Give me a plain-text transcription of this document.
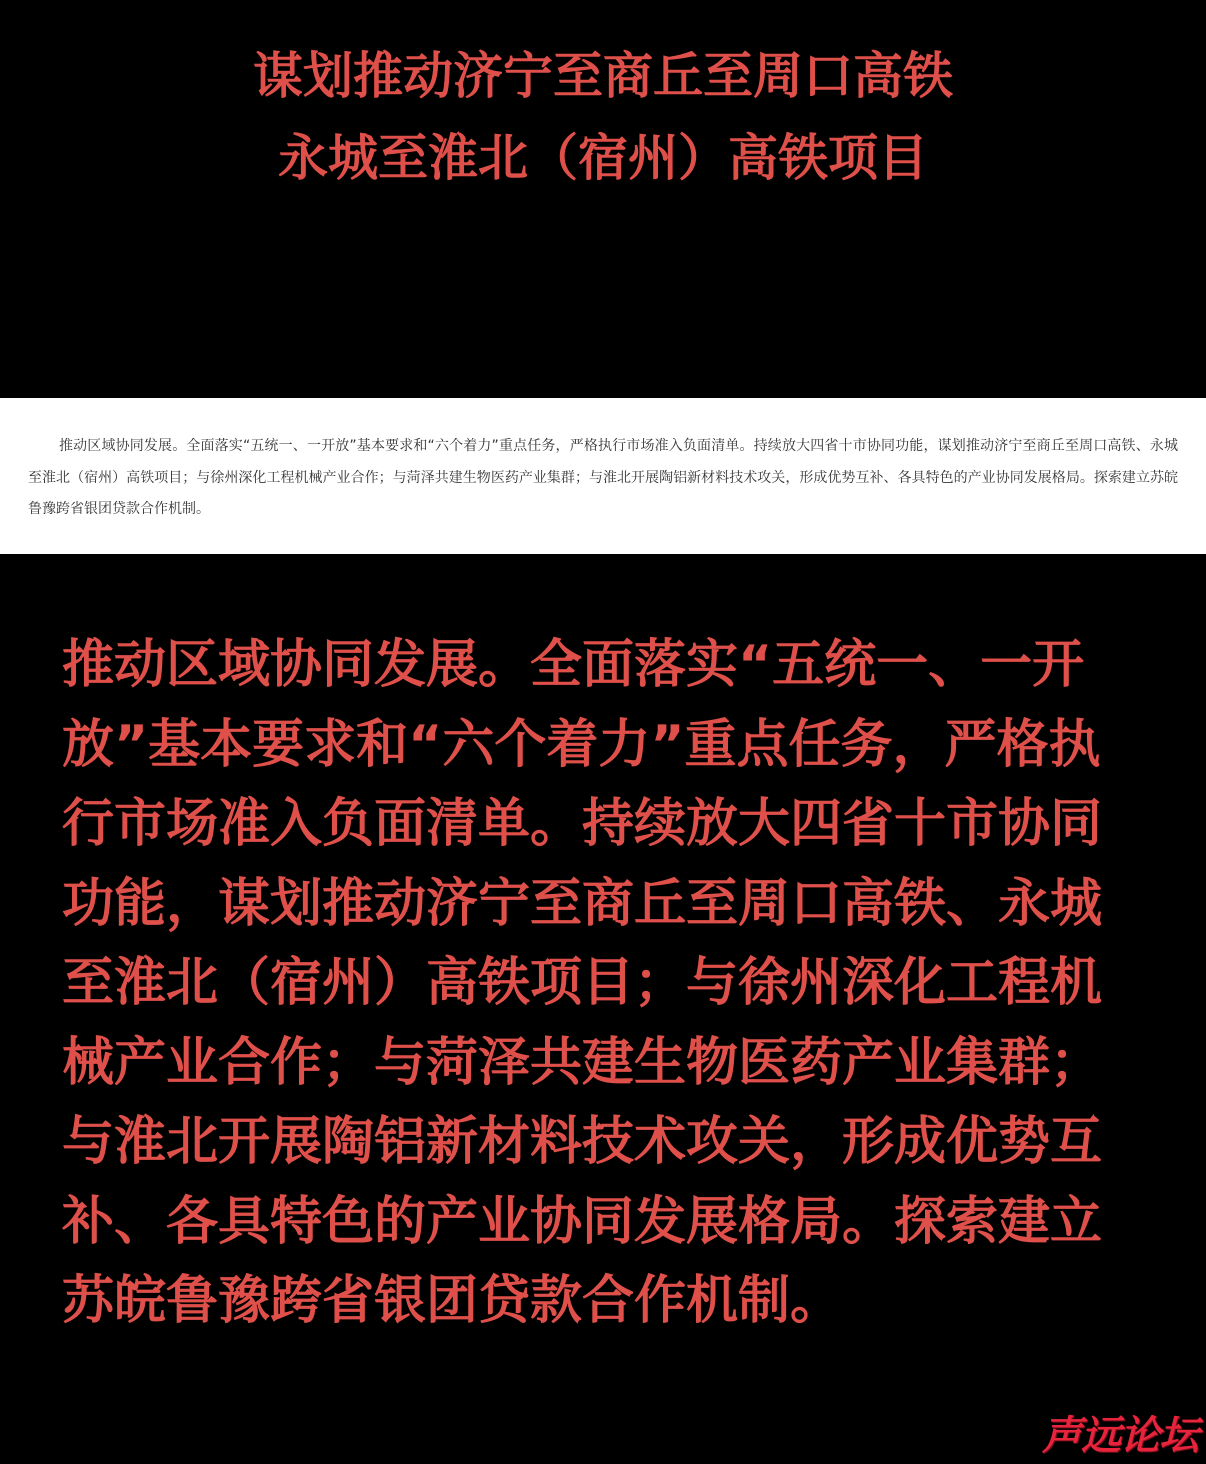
谋划推动济宁至商丘至周口高铁
永城至淮北（宿州）高铁项目

推动区域协同发展。全面落实“五统一、一开放”基本要求和“六个着力”重点任务，严格执行市场准入负面清单。持续放大四省十市协同功能，谋划推动济宁至商丘至周口高铁、永城至淮北（宿州）高铁项目；与徐州深化工程机械产业合作；与菏泽共建生物医药产业集群；与淮北开展陶铝新材料技术攻关，形成优势互补、各具特色的产业协同发展格局。探索建立苏皖鲁豫跨省银团贷款合作机制。

推动区域协同发展。全面落实“五统一、一开放”基本要求和“六个着力”重点任务，严格执行市场准入负面清单。持续放大四省十市协同功能，谋划推动济宁至商丘至周口高铁、永城至淮北（宿州）高铁项目；与徐州深化工程机械产业合作；与菏泽共建生物医药产业集群；与淮北开展陶铝新材料技术攻关，形成优势互补、各具特色的产业协同发展格局。探索建立苏皖鲁豫跨省银团贷款合作机制。

声远论坛
